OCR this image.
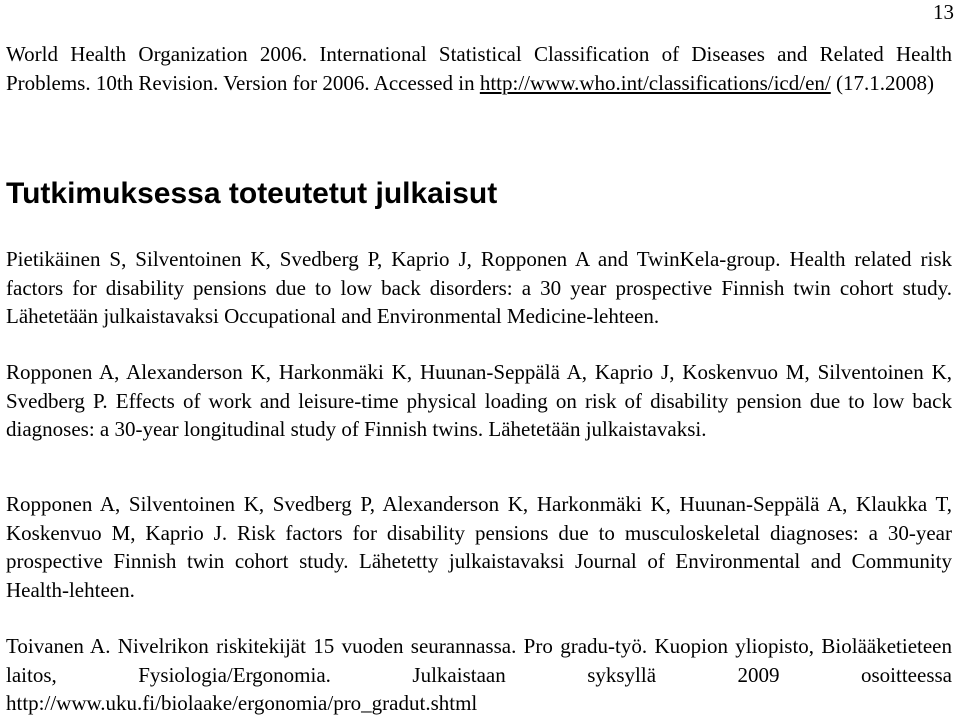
13

World Health Organization 2006. International Statistical Classification of Diseases and Related Health Problems. 10th Revision. Version for 2006. Accessed in http://www.who.int/classifications/icd/en/ (17.1.2008)

Tutkimuksessa toteutetut julkaisut

Pietikäinen S, Silventoinen K, Svedberg P, Kaprio J, Ropponen A and TwinKela-group. Health related risk factors for disability pensions due to low back disorders: a 30 year prospective Finnish twin cohort study. Lähetetään julkaistavaksi Occupational and Environmental Medicine-lehteen.

Ropponen A, Alexanderson K, Harkonmäki K, Huunan-Seppälä A, Kaprio J, Koskenvuo M, Silventoinen K, Svedberg P. Effects of work and leisure-time physical loading on risk of disability pension due to low back diagnoses: a 30-year longitudinal study of Finnish twins. Lähetetään julkaistavaksi.

Ropponen A, Silventoinen K, Svedberg P, Alexanderson K, Harkonmäki K, Huunan-Seppälä A, Klaukka T, Koskenvuo M, Kaprio J. Risk factors for disability pensions due to musculoskeletal diagnoses: a 30-year prospective Finnish twin cohort study. Lähetetty julkaistavaksi Journal of Environmental and Community Health-lehteen.

Toivanen A. Nivelrikon riskitekijät 15 vuoden seurannassa. Pro gradu-työ. Kuopion yliopisto, Biolääketieteen laitos, Fysiologia/Ergonomia. Julkaistaan syksyllä 2009 osoitteessa http://www.uku.fi/biolaake/ergonomia/pro_gradut.shtml
